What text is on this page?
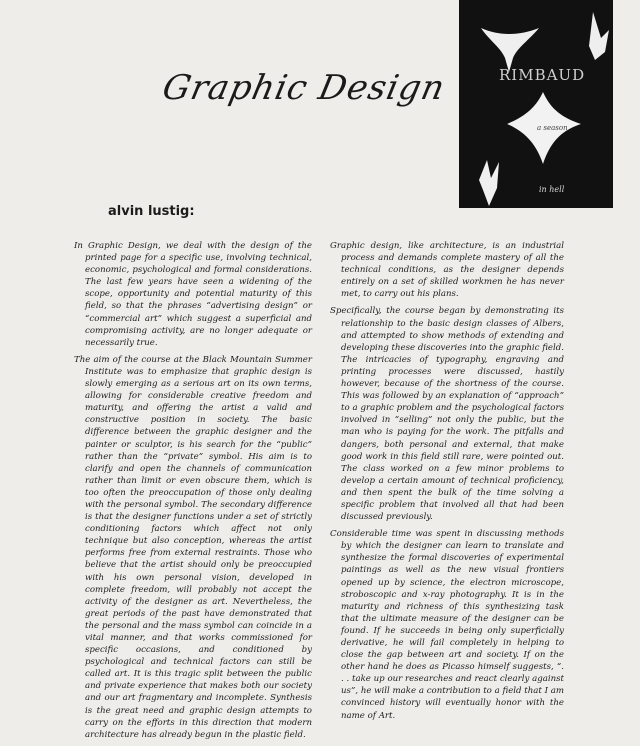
Graphic Design	RIMBAUD
a season
in hell
alvin lustig:

In Graphic Design, we deal with the design of the printed page for a specific use, involving technical, economic, psychological and formal considerations. The last few years have seen a widening of the scope, opportunity and potential maturity of this field, so that the phrases “advertising design” or “commercial art” which suggest a superficial and compromising activity, are no longer adequate or necessarily true.

The aim of the course at the Black Mountain Summer Institute was to emphasize that graphic design is slowly emerging as a serious art on its own terms, allowing for considerable creative freedom and maturity, and offering the artist a valid and constructive position in society. The basic difference between the graphic designer and the painter or sculptor, is his search for the “public” rather than the “private” symbol. His aim is to clarify and open the channels of communication rather than limit or even obscure them, which is too often the preoccupation of those only dealing with the personal symbol. The secondary difference is that the designer functions under a set of strictly conditioning factors which affect not only technique but also conception, whereas the artist performs free from external restraints. Those who believe that the artist should only be preoccupied with his own personal vision, developed in complete freedom, will probably not accept the activity of the designer as art. Nevertheless, the great periods of the past have demonstrated that the personal and the mass symbol can coincide in a vital manner, and that works commissioned for specific occasions, and conditioned by psychological and technical factors can still be called art. It is this tragic split between the public and private experience that makes both our society and our art fragmentary and incomplete. Synthesis is the great need and graphic design attempts to carry on the efforts in this direction that modern architecture has already begun in the plastic field.

Graphic design, like architecture, is an industrial process and demands complete mastery of all the technical conditions, as the designer depends entirely on a set of skilled workmen he has never met, to carry out his plans.

Specifically, the course began by demonstrating its relationship to the basic design classes of Albers, and attempted to show methods of extending and developing these discoveries into the graphic field. The intricacies of typography, engraving and printing processes were discussed, hastily however, because of the shortness of the course. This was followed by an explanation of “approach” to a graphic problem and the psychological factors involved in “selling” not only the public, but the man who is paying for the work. The pitfalls and dangers, both personal and external, that make good work in this field still rare, were pointed out. The class worked on a few minor problems to develop a certain amount of technical proficiency, and then spent the bulk of the time solving a specific problem that involved all that had been discussed previously.

Considerable time was spent in discussing methods by which the designer can learn to translate and synthesize the formal discoveries of experimental paintings as well as the new visual frontiers opened up by science, the electron microscope, stroboscopic and x-ray photography. It is in the maturity and richness of this synthesizing task that the ultimate measure of the designer can be found. If he succeeds in being only superficially derivative, he will fail completely in helping to close the gap between art and society. If on the other hand he does as Picasso himself suggests, “. . . take up our researches and react clearly against us”, he will make a contribution to a field that I am convinced history will eventually honor with the name of Art.
